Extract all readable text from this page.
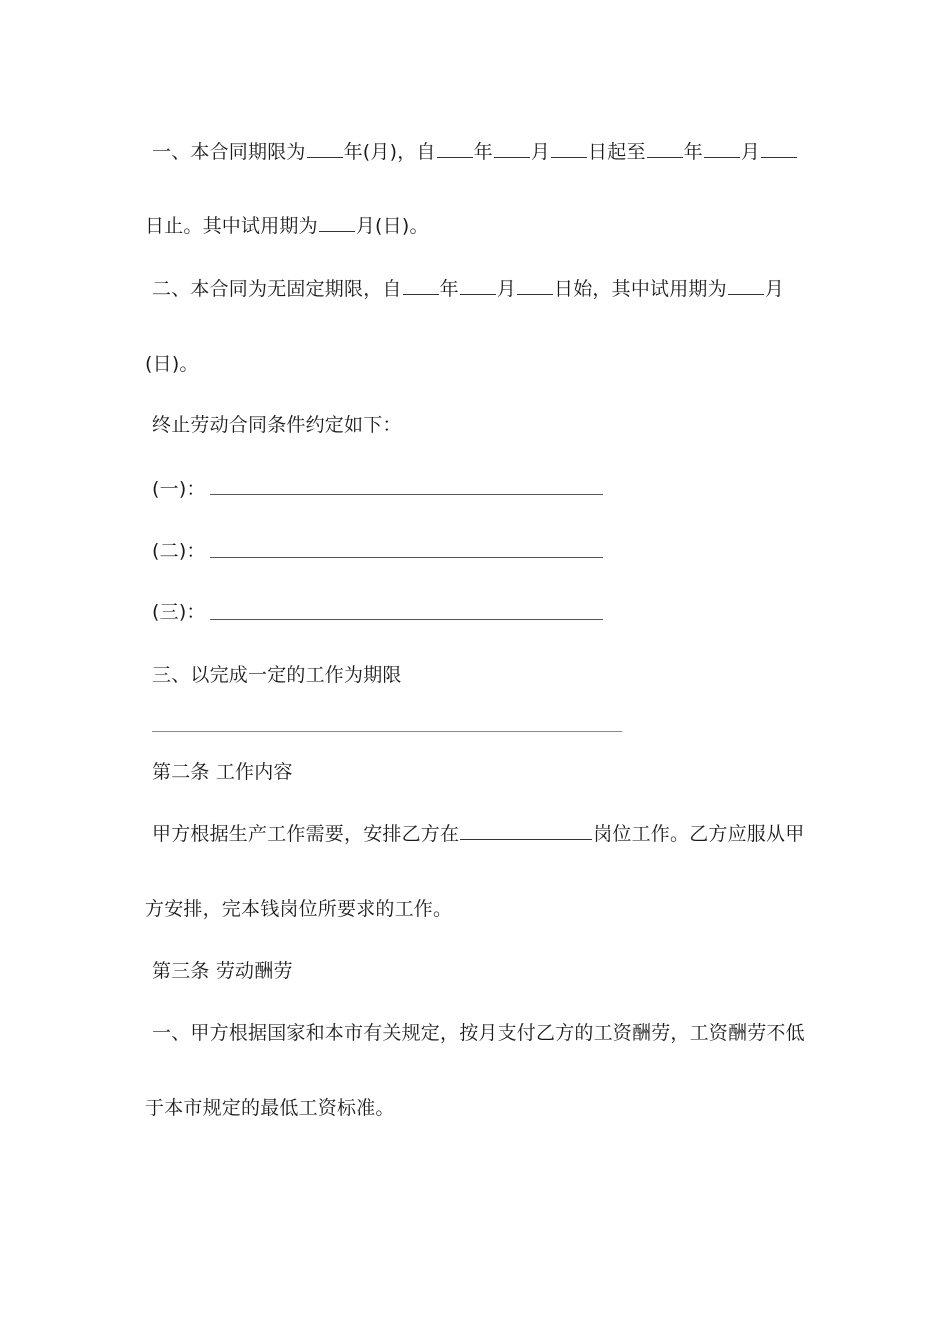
一、本合同期限为 年(月)，自 年 月 日起至 年 月
日止。其中试用期为 月(日)。
二、本合同为无固定期限，自 年 月 日始，其中试用期为 月
(日)。
终止劳动合同条件约定如下：
(一)：
(二)：
(三)：
三、以完成一定的工作为期限
第二条 工作内容
甲方根据生产工作需要，安排乙方在	岗位工作。乙方应服从甲
方安排，完本钱岗位所要求的工作。
第三条 劳动酬劳
一、甲方根据国家和本市有关规定，按月支付乙方的工资酬劳，工资酬劳不低
于本市规定的最低工资标准。
